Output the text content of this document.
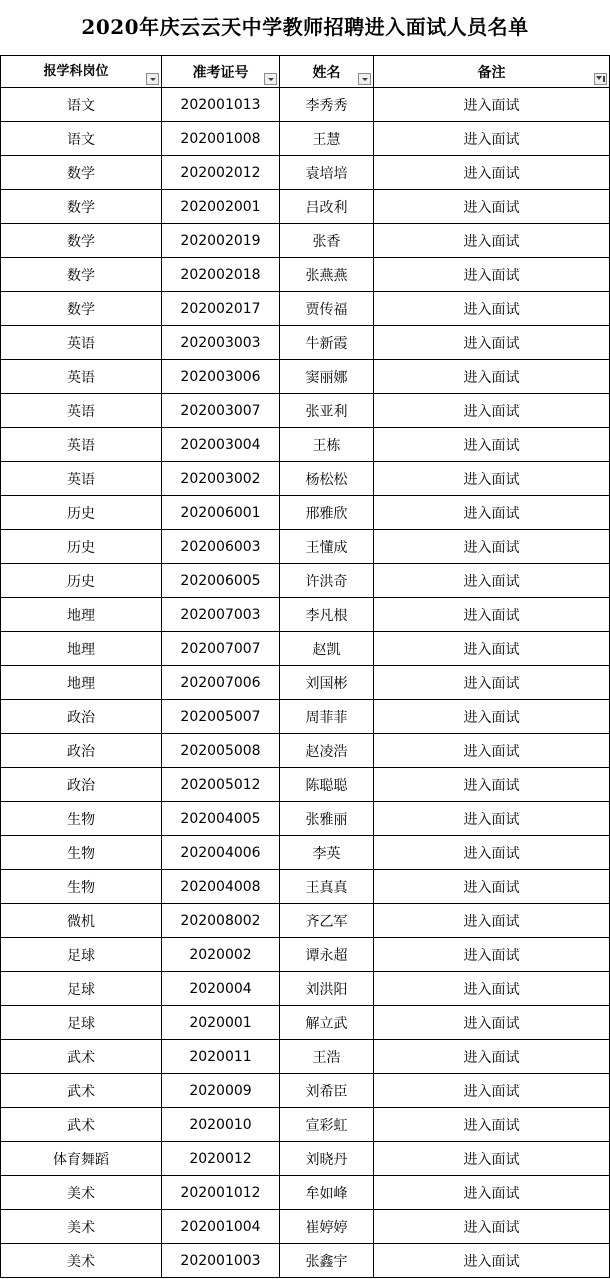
2020年庆云云天中学教师招聘进入面试人员名单
报学科岗位	准考证号	姓名	备注

语文	202001013	李秀秀	进入面试
语文	202001008	王慧	进入面试
数学	202002012	袁培培	进入面试
数学	202002001	吕改利	进入面试
数学	202002019	张香	进入面试
数学	202002018	张燕燕	进入面试
数学	202002017	贾传福	进入面试
英语	202003003	牛新霞	进入面试
英语	202003006	窦丽娜	进入面试
英语	202003007	张亚利	进入面试
英语	202003004	王栋	进入面试
英语	202003002	杨松松	进入面试
历史	202006001	邢雅欣	进入面试
历史	202006003	王懂成	进入面试
历史	202006005	许洪奇	进入面试
地理	202007003	李凡根	进入面试
地理	202007007	赵凯	进入面试
地理	202007006	刘国彬	进入面试
政治	202005007	周菲菲	进入面试
政治	202005008	赵凌浩	进入面试
政治	202005012	陈聪聪	进入面试
生物	202004005	张雅丽	进入面试
生物	202004006	李英	进入面试
生物	202004008	王真真	进入面试
微机	202008002	齐乙军	进入面试
足球	2020002	谭永超	进入面试
足球	2020004	刘洪阳	进入面试
足球	2020001	解立武	进入面试
武术	2020011	王浩	进入面试
武术	2020009	刘希臣	进入面试
武术	2020010	宣彩虹	进入面试
体育舞蹈	2020012	刘晓丹	进入面试
美术	202001012	牟如峰	进入面试
美术	202001004	崔婷婷	进入面试
美术	202001003	张鑫宇	进入面试
